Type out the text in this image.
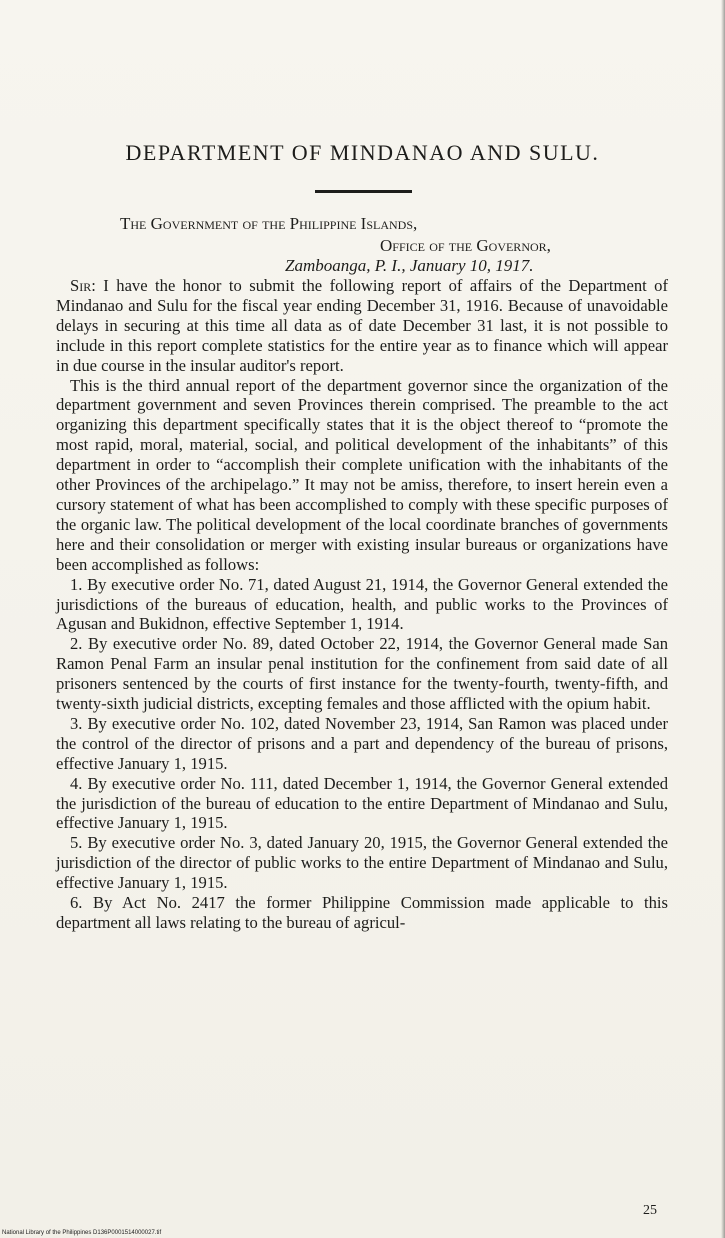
DEPARTMENT OF MINDANAO AND SULU.
The Government of the Philippine Islands,
Office of the Governor,
Zamboanga, P. I., January 10, 1917.

Sir: I have the honor to submit the following report of affairs of the Department of Mindanao and Sulu for the fiscal year ending December 31, 1916. Because of unavoidable delays in securing at this time all data as of date December 31 last, it is not possible to include in this report complete statistics for the entire year as to finance which will appear in due course in the insular auditor's report.

This is the third annual report of the department governor since the organization of the department government and seven Provinces therein comprised. The preamble to the act organizing this department specifically states that it is the object thereof to “promote the most rapid, moral, material, social, and political development of the inhabitants” of this department in order to “accomplish their complete unification with the inhabitants of the other Provinces of the archipelago.” It may not be amiss, therefore, to insert herein even a cursory statement of what has been accomplished to comply with these specific purposes of the organic law. The political development of the local coordinate branches of governments here and their consolidation or merger with existing insular bureaus or organizations have been accomplished as follows:

1. By executive order No. 71, dated August 21, 1914, the Governor General extended the jurisdictions of the bureaus of education, health, and public works to the Provinces of Agusan and Bukidnon, effective September 1, 1914.

2. By executive order No. 89, dated October 22, 1914, the Governor General made San Ramon Penal Farm an insular penal institution for the confinement from said date of all prisoners sentenced by the courts of first instance for the twenty-fourth, twenty-fifth, and twenty-sixth judicial districts, excepting females and those afflicted with the opium habit.

3. By executive order No. 102, dated November 23, 1914, San Ramon was placed under the control of the director of prisons and a part and dependency of the bureau of prisons, effective January 1, 1915.

4. By executive order No. 111, dated December 1, 1914, the Governor General extended the jurisdiction of the bureau of education to the entire Department of Mindanao and Sulu, effective January 1, 1915.

5. By executive order No. 3, dated January 20, 1915, the Governor General extended the jurisdiction of the director of public works to the entire Department of Mindanao and Sulu, effective January 1, 1915.

6. By Act No. 2417 the former Philippine Commission made applicable to this department all laws relating to the bureau of agricul-

25
National Library of the Philippines D136P0001514000027.tif
